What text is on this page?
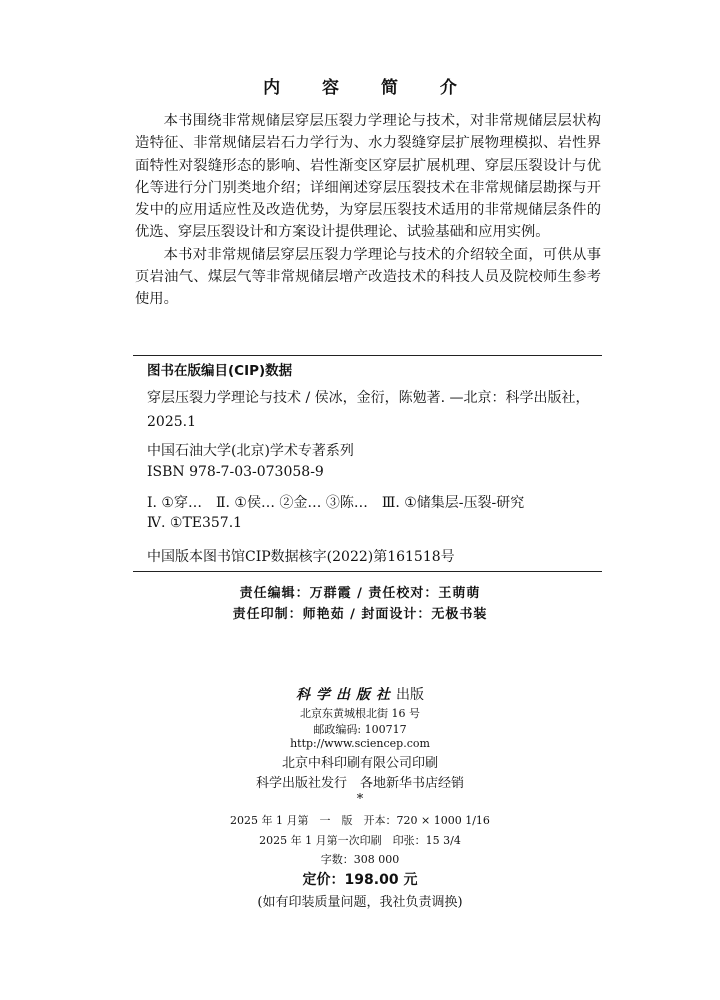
内 容 简 介

本书围绕非常规储层穿层压裂力学理论与技术，对非常规储层层状构造特征、非常规储层岩石力学行为、水力裂缝穿层扩展物理模拟、岩性界面特性对裂缝形态的影响、岩性渐变区穿层扩展机理、穿层压裂设计与优化等进行分门别类地介绍；详细阐述穿层压裂技术在非常规储层勘探与开发中的应用适应性及改造优势，为穿层压裂技术适用的非常规储层条件的优选、穿层压裂设计和方案设计提供理论、试验基础和应用实例。

本书对非常规储层穿层压裂力学理论与技术的介绍较全面，可供从事页岩油气、煤层气等非常规储层增产改造技术的科技人员及院校师生参考使用。

图书在版编目(CIP)数据
穿层压裂力学理论与技术 / 侯冰，金衍，陈勉著. —北京：科学出版社，
2025.1
中国石油大学(北京)学术专著系列
ISBN 978-7-03-073058-9
Ⅰ. ①穿…　Ⅱ. ①侯… ②金… ③陈…　Ⅲ. ①储集层-压裂-研究
Ⅳ. ①TE357.1
中国版本图书馆CIP数据核字(2022)第161518号
责任编辑：万群霞 / 责任校对：王萌萌
责任印制：师艳茹 / 封面设计：无极书装
科学出版社出版
北京东黄城根北街 16 号
邮政编码: 100717
http://www.sciencep.com
北京中科印刷有限公司印刷
科学出版社发行　各地新华书店经销
*
2025 年 1 月第　一　版　开本：720 × 1000 1/16
2025 年 1 月第一次印刷　印张：15 3/4
字数：308 000
定价：198.00 元
(如有印装质量问题，我社负责调换)
